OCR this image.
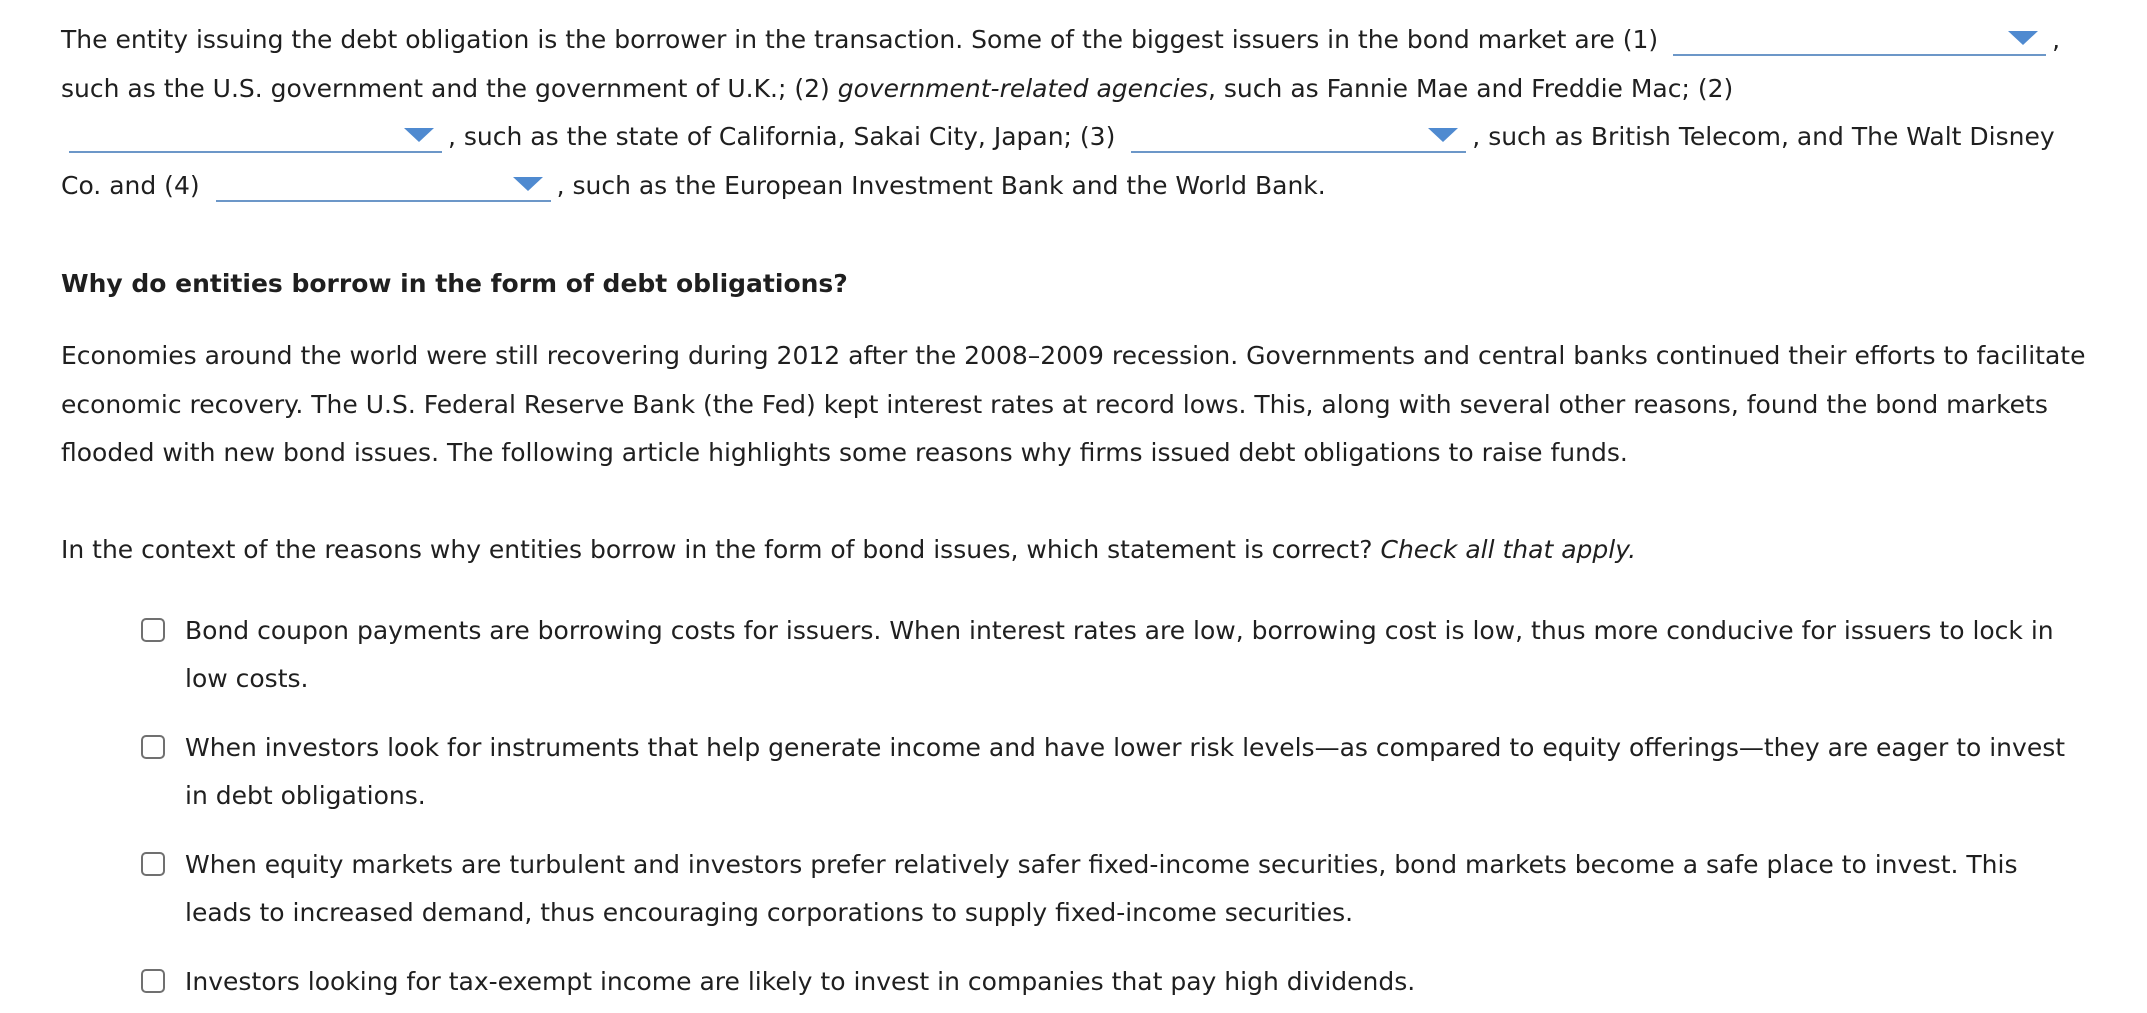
The entity issuing the debt obligation is the borrower in the transaction. Some of the biggest issuers in the bond market are (1)	, such as the U.S. government and the government of U.K.; (2) government-related agencies, such as Fannie Mae and Freddie Mac; (2)
, such as the state of California, Sakai City, Japan; (3)	, such as British Telecom, and The Walt Disney Co. and (4)	, such as the European Investment Bank and the World Bank.

Why do entities borrow in the form of debt obligations?

Economies around the world were still recovering during 2012 after the 2008–2009 recession. Governments and central banks continued their efforts to facilitate economic recovery. The U.S. Federal Reserve Bank (the Fed) kept interest rates at record lows. This, along with several other reasons, found the bond markets flooded with new bond issues. The following article highlights some reasons why firms issued debt obligations to raise funds.

In the context of the reasons why entities borrow in the form of bond issues, which statement is correct? Check all that apply.

Bond coupon payments are borrowing costs for issuers. When interest rates are low, borrowing cost is low, thus more conducive for issuers to lock in low costs.
When investors look for instruments that help generate income and have lower risk levels—as compared to equity offerings—they are eager to invest in debt obligations.
When equity markets are turbulent and investors prefer relatively safer fixed-income securities, bond markets become a safe place to invest. This leads to increased demand, thus encouraging corporations to supply fixed-income securities.
Investors looking for tax-exempt income are likely to invest in companies that pay high dividends.
